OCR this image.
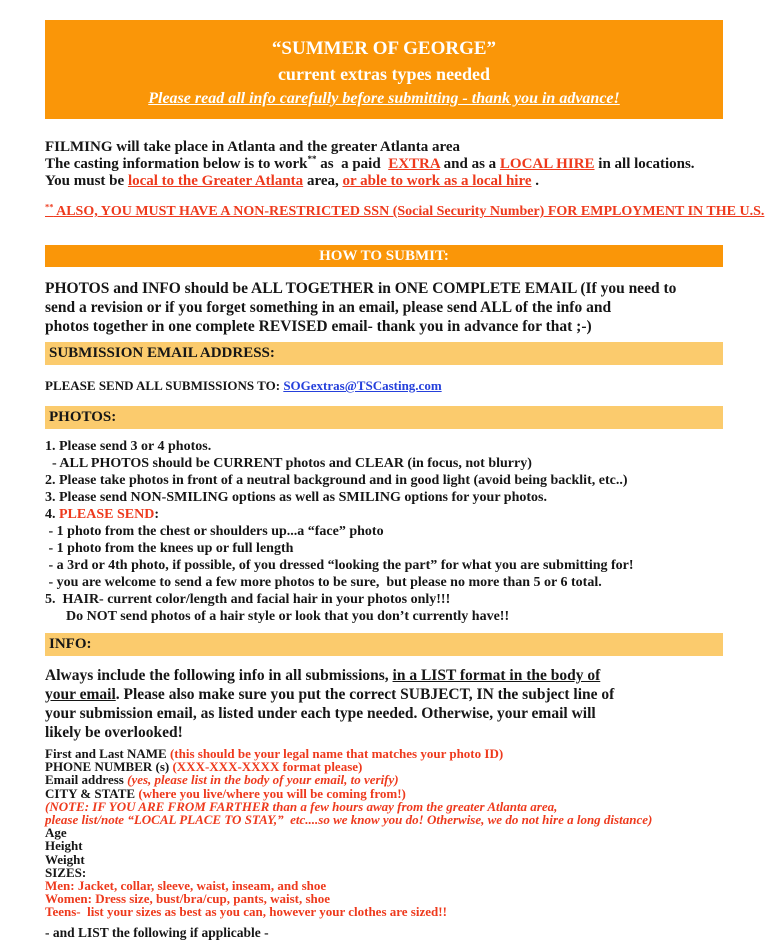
“SUMMER OF GEORGE”
current extras types needed
Please read all info carefully before submitting - thank you in advance!
FILMING will take place in Atlanta and the greater Atlanta area
The casting information below is to work** as  a paid  EXTRA and as a LOCAL HIRE in all locations.
You must be local to the Greater Atlanta area, or able to work as a local hire .
** ALSO, YOU MUST HAVE A NON-RESTRICTED SSN (Social Security Number) FOR EMPLOYMENT IN THE U.S.
HOW TO SUBMIT:
PHOTOS and INFO should be ALL TOGETHER in ONE COMPLETE EMAIL (If you need to
send a revision or if you forget something in an email, please send ALL of the info and
photos together in one complete REVISED email- thank you in advance for that ;-)
SUBMISSION EMAIL ADDRESS:
PLEASE SEND ALL SUBMISSIONS TO: SOGextras@TSCasting.com
PHOTOS:
1. Please send 3 or 4 photos.
- ALL PHOTOS should be CURRENT photos and CLEAR (in focus, not blurry)
2. Please take photos in front of a neutral background and in good light (avoid being backlit, etc..)
3. Please send NON-SMILING options as well as SMILING options for your photos.
4. PLEASE SEND:
- 1 photo from the chest or shoulders up...a “face” photo
- 1 photo from the knees up or full length
- a 3rd or 4th photo, if possible, of you dressed “looking the part” for what you are submitting for!
- you are welcome to send a few more photos to be sure,  but please no more than 5 or 6 total.
5.  HAIR- current color/length and facial hair in your photos only!!!
Do NOT send photos of a hair style or look that you don’t currently have!!
INFO:
Always include the following info in all submissions, in a LIST format in the body of
your email. Please also make sure you put the correct SUBJECT, IN the subject line of
your submission email, as listed under each type needed. Otherwise, your email will
likely be overlooked!
First and Last NAME (this should be your legal name that matches your photo ID)
PHONE NUMBER (s) (XXX-XXX-XXXX format please)
Email address (yes, please list in the body of your email, to verify)
CITY & STATE (where you live/where you will be coming from!)
(NOTE: IF YOU ARE FROM FARTHER than a few hours away from the greater Atlanta area,
please list/note “LOCAL PLACE TO STAY,”  etc....so we know you do! Otherwise, we do not hire a long distance)
Age
Height
Weight
SIZES:
Men: Jacket, collar, sleeve, waist, inseam, and shoe
Women: Dress size, bust/bra/cup, pants, waist, shoe
Teens-  list your sizes as best as you can, however your clothes are sized!!
- and LIST the following if applicable -
